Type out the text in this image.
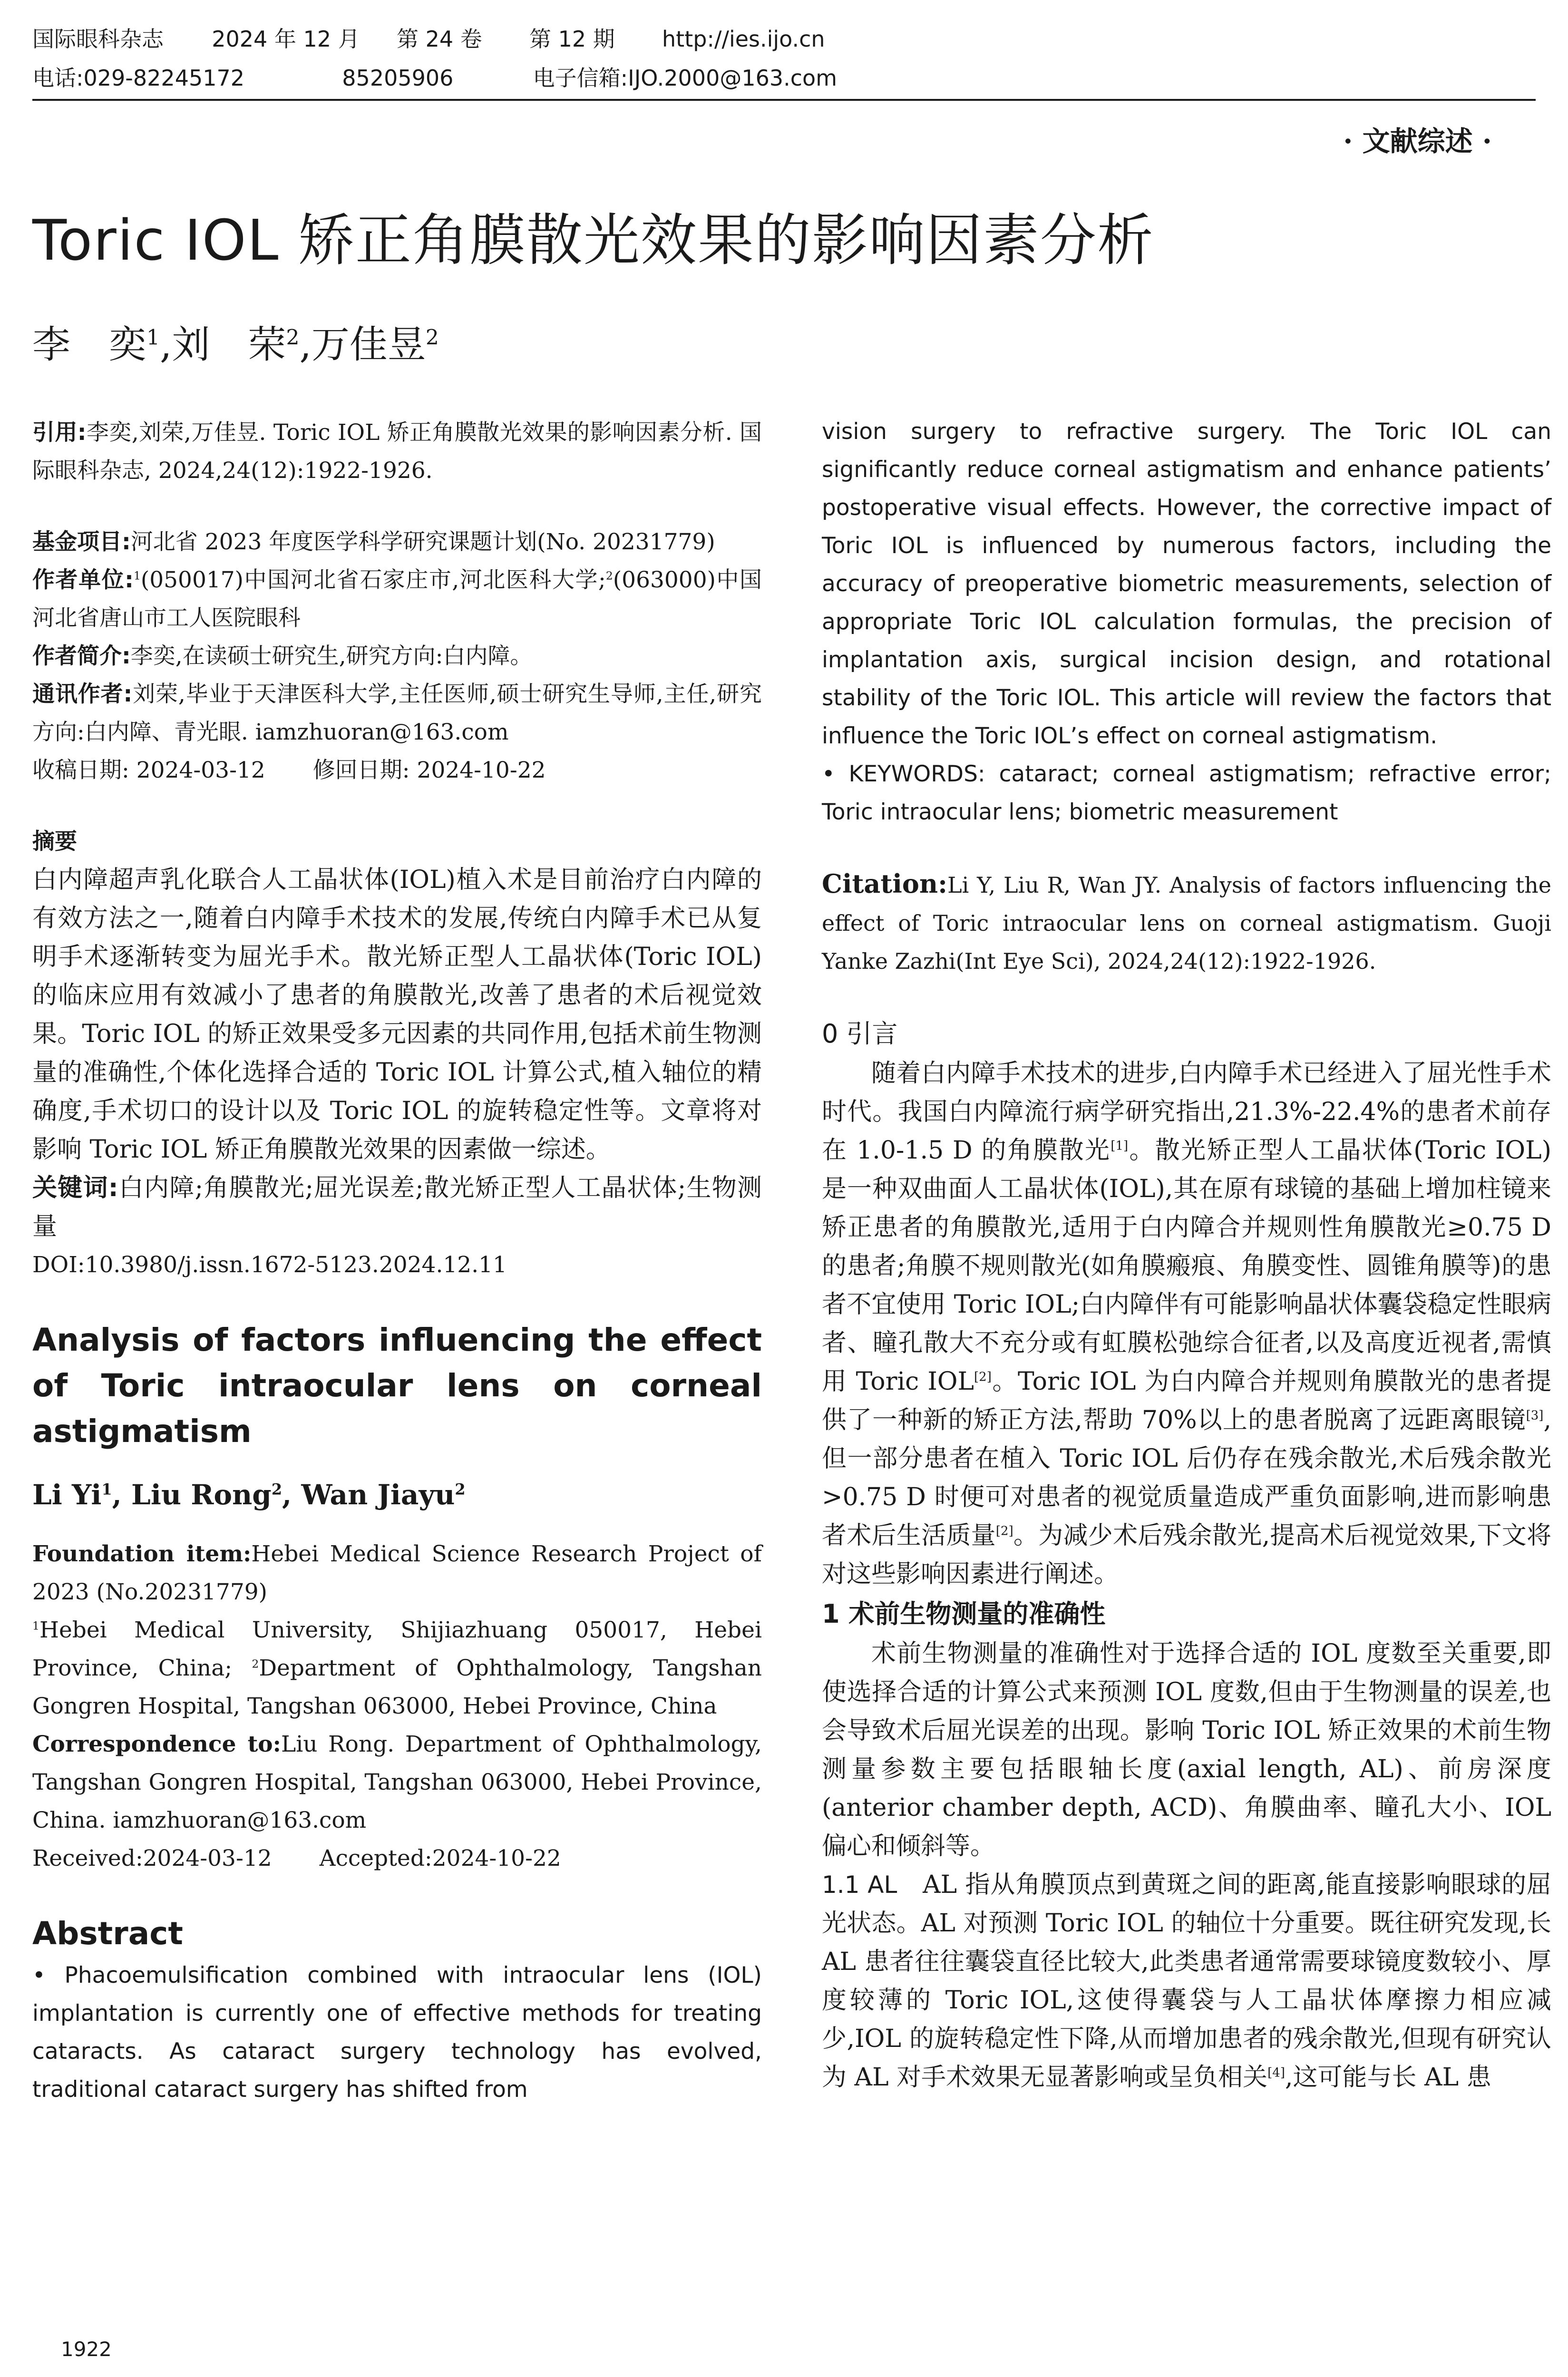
国际眼科杂志 2024 年 12 月 第 24 卷 第 12 期 http://ies.ijo.cn
电话:029-82245172	85205906	电子信箱:IJO.2000@163.com
· 文献综述 ·
Toric IOL 矫正角膜散光效果的影响因素分析
李　奕$^1$,刘　荣$^2$,万佳昱$^2$

引用:李奕,刘荣,万佳昱. Toric IOL 矫正角膜散光效果的影响因素分析. 国际眼科杂志, 2024,24(12):1922-1926.

基金项目:河北省 2023 年度医学科学研究课题计划(No. 20231779)

作者单位:$^1$(050017)中国河北省石家庄市,河北医科大学;$^2$(063000)中国河北省唐山市工人医院眼科

作者简介:李奕,在读硕士研究生,研究方向:白内障。

通讯作者:刘荣,毕业于天津医科大学,主任医师,硕士研究生导师,主任,研究方向:白内障、青光眼. iamzhuoran@163.com

收稿日期: 2024-03-12 修回日期: 2024-10-22

摘要

白内障超声乳化联合人工晶状体(IOL)植入术是目前治疗白内障的有效方法之一,随着白内障手术技术的发展,传统白内障手术已从复明手术逐渐转变为屈光手术。散光矫正型人工晶状体(Toric IOL)的临床应用有效减小了患者的角膜散光,改善了患者的术后视觉效果。Toric IOL 的矫正效果受多元因素的共同作用,包括术前生物测量的准确性,个体化选择合适的 Toric IOL 计算公式,植入轴位的精确度,手术切口的设计以及 Toric IOL 的旋转稳定性等。文章将对影响 Toric IOL 矫正角膜散光效果的因素做一综述。

关键词:白内障;角膜散光;屈光误差;散光矫正型人工晶状体;生物测量

DOI:10.3980/j.issn.1672-5123.2024.12.11

Analysis of factors influencing the effect of Toric intraocular lens on corneal astigmatism

Li Yi$^1$, Liu Rong$^2$, Wan Jiayu$^2$

Foundation item:Hebei Medical Science Research Project of 2023 (No.20231779)

$^1$Hebei Medical University, Shijiazhuang 050017, Hebei Province, China; $^2$Department of Ophthalmology, Tangshan Gongren Hospital, Tangshan 063000, Hebei Province, China

Correspondence to:Liu Rong. Department of Ophthalmology, Tangshan Gongren Hospital, Tangshan 063000, Hebei Province, China. iamzhuoran@163.com

Received:2024-03-12 Accepted:2024-10-22

Abstract

• Phacoemulsification combined with intraocular lens (IOL) implantation is currently one of effective methods for treating cataracts. As cataract surgery technology has evolved, traditional cataract surgery has shifted from

vision surgery to refractive surgery. The Toric IOL can significantly reduce corneal astigmatism and enhance patients’ postoperative visual effects. However, the corrective impact of Toric IOL is influenced by numerous factors, including the accuracy of preoperative biometric measurements, selection of appropriate Toric IOL calculation formulas, the precision of implantation axis, surgical incision design, and rotational stability of the Toric IOL. This article will review the factors that influence the Toric IOL’s effect on corneal astigmatism.

• KEYWORDS: cataract; corneal astigmatism; refractive error; Toric intraocular lens; biometric measurement

Citation:Li Y, Liu R, Wan JY. Analysis of factors influencing the effect of Toric intraocular lens on corneal astigmatism. Guoji Yanke Zazhi(Int Eye Sci), 2024,24(12):1922-1926.

0 引言

随着白内障手术技术的进步,白内障手术已经进入了屈光性手术时代。我国白内障流行病学研究指出,21.3%-22.4%的患者术前存在 1.0-1.5 D 的角膜散光[1]。散光矫正型人工晶状体(Toric IOL)是一种双曲面人工晶状体(IOL),其在原有球镜的基础上增加柱镜来矫正患者的角膜散光,适用于白内障合并规则性角膜散光≥0.75 D 的患者;角膜不规则散光(如角膜瘢痕、角膜变性、圆锥角膜等)的患者不宜使用 Toric IOL;白内障伴有可能影响晶状体囊袋稳定性眼病者、瞳孔散大不充分或有虹膜松弛综合征者,以及高度近视者,需慎用 Toric IOL[2]。Toric IOL 为白内障合并规则角膜散光的患者提供了一种新的矫正方法,帮助 70%以上的患者脱离了远距离眼镜[3],但一部分患者在植入 Toric IOL 后仍存在残余散光,术后残余散光>0.75 D 时便可对患者的视觉质量造成严重负面影响,进而影响患者术后生活质量[2]。为减少术后残余散光,提高术后视觉效果,下文将对这些影响因素进行阐述。

1 术前生物测量的准确性

术前生物测量的准确性对于选择合适的 IOL 度数至关重要,即使选择合适的计算公式来预测 IOL 度数,但由于生物测量的误差,也会导致术后屈光误差的出现。影响 Toric IOL 矫正效果的术前生物测量参数主要包括眼轴长度(axial length, AL)、前房深度(anterior chamber depth, ACD)、角膜曲率、瞳孔大小、IOL 偏心和倾斜等。

1.1 AL　 AL 指从角膜顶点到黄斑之间的距离,能直接影响眼球的屈光状态。AL 对预测 Toric IOL 的轴位十分重要。既往研究发现,长 AL 患者往往囊袋直径比较大,此类患者通常需要球镜度数较小、厚度较薄的 Toric IOL,这使得囊袋与人工晶状体摩擦力相应减少,IOL 的旋转稳定性下降,从而增加患者的残余散光,但现有研究认为 AL 对手术效果无显著影响或呈负相关[4],这可能与长 AL 患

1922
